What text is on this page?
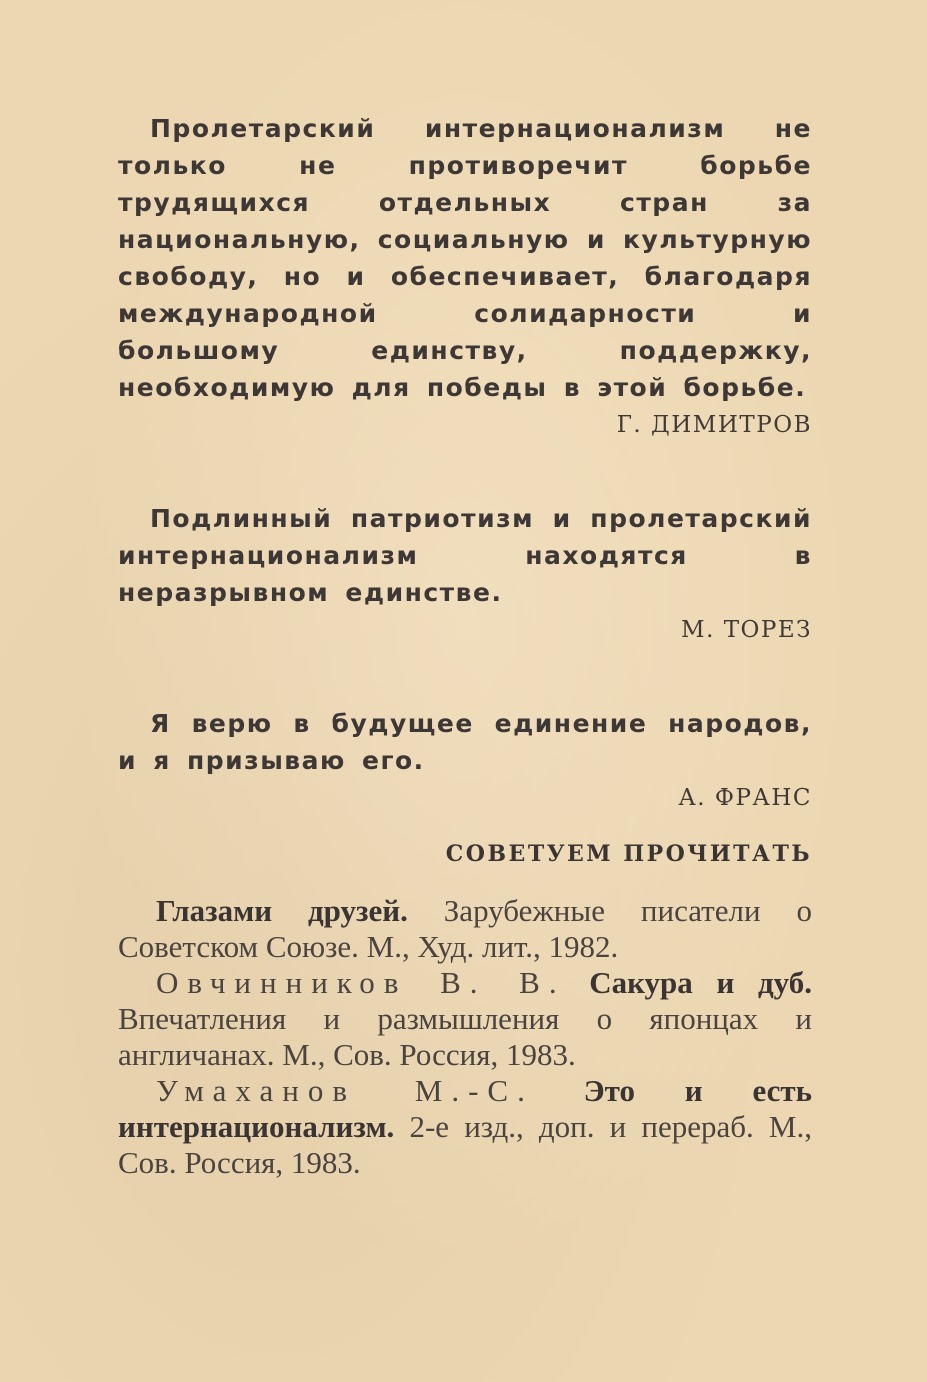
Пролетарский интернационализм не только не противоречит борьбе трудящихся отдельных стран за национальную, социальную и культурную свободу, но и обеспечивает, благодаря международной солидарности и большому единству, поддержку, необходимую для победы в этой борьбе.

Г. ДИМИТРОВ

Подлинный патриотизм и пролетарский интернационализм находятся в неразрывном единстве.

М. ТОРЕЗ

Я верю в будущее единение народов, и я призываю его.

А. ФРАНС

СОВЕТУЕМ ПРОЧИТАТЬ

Глазами друзей. Зарубежные писатели о Советском Союзе. М., Худ. лит., 1982.

Овчинников В. В. Сакура и дуб. Впечатления и размышления о японцах и англичанах. М., Сов. Россия, 1983.

Умаханов М.-С. Это и есть интернационализм. 2-е изд., доп. и перераб. М., Сов. Россия, 1983.
